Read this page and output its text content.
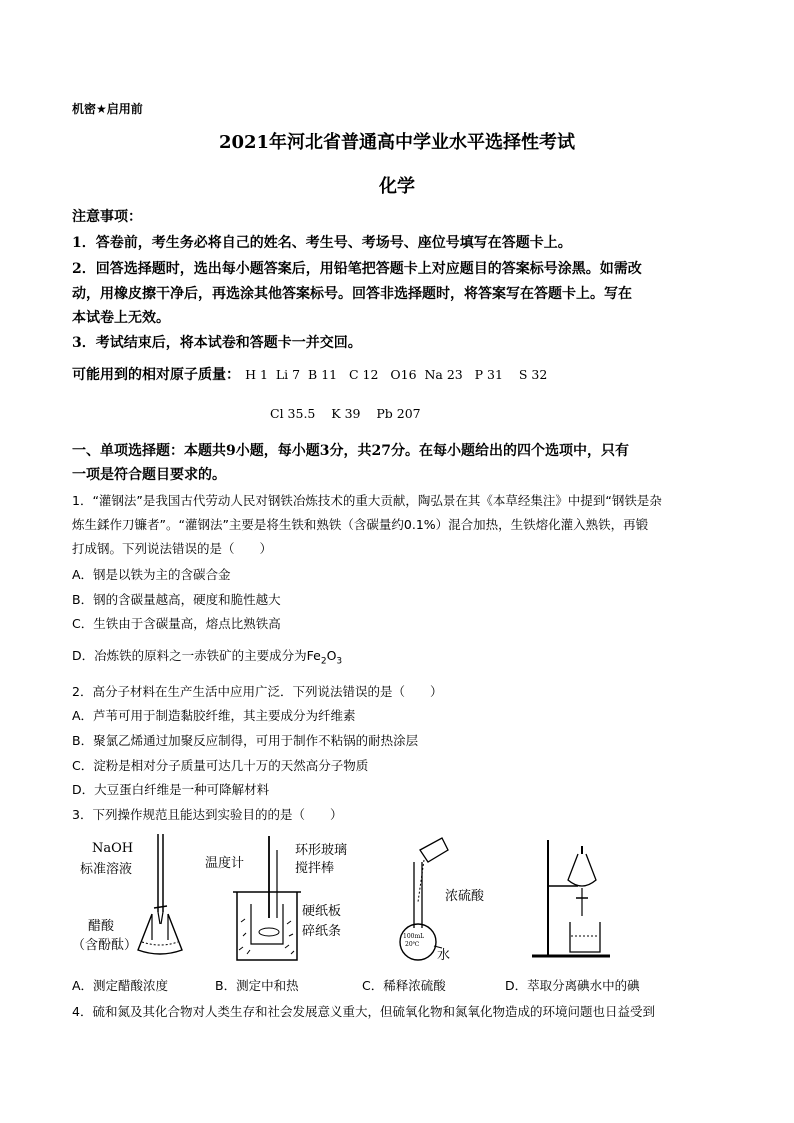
机密★启用前
2021年河北省普通高中学业水平选择性考试
化学
注意事项：
1．答卷前，考生务必将自己的姓名、考生号、考场号、座位号填写在答题卡上。
2．回答选择题时，选出每小题答案后，用铅笔把答题卡上对应题目的答案标号涂黑。如需改
动，用橡皮擦干净后，再选涂其他答案标号。回答非选择题时，将答案写在答题卡上。写在
本试卷上无效。
3．考试结束后，将本试卷和答题卡一并交回。
可能用到的相对原子质量： H 1  Li 7  B 11   C 12   O16  Na 23   P 31    S 32
Cl 35.5    K 39    Pb 207
一、单项选择题：本题共9小题，每小题3分，共27分。在每小题给出的四个选项中，只有
一项是符合题目要求的。
1．“灌钢法”是我国古代劳动人民对钢铁冶炼技术的重大贡献，陶弘景在其《本草经集注》中提到“钢铁是杂
炼生鍒作刀镰者”。“灌钢法”主要是将生铁和熟铁（含碳量约0.1%）混合加热，生铁熔化灌入熟铁，再锻
打成钢。下列说法错误的是（　　）
A．钢是以铁为主的含碳合金
B．钢的含碳量越高，硬度和脆性越大
C．生铁由于含碳量高，熔点比熟铁高
D．冶炼铁的原料之一赤铁矿的主要成分为$Fe_2O_3$
2．高分子材料在生产生活中应用广泛．下列说法错误的是（　　）
A．芦苇可用于制造黏胶纤维，其主要成分为纤维素
B．聚氯乙烯通过加聚反应制得，可用于制作不粘锅的耐热涂层
C．淀粉是相对分子质量可达几十万的天然高分子物质
D．大豆蛋白纤维是一种可降解材料
3．下列操作规范且能达到实验目的的是（　　）
NaOH
标准溶液
醋酸
（含酚酞）
温度计
环形玻璃
搅拌棒
硬纸板
碎纸条
浓硫酸
水
100mL
20℃
A．测定醋酸浓度	B．测定中和热	C．稀释浓硫酸	D．萃取分离碘水中的碘
4．硫和氮及其化合物对人类生存和社会发展意义重大，但硫氧化物和氮氧化物造成的环境问题也日益受到
